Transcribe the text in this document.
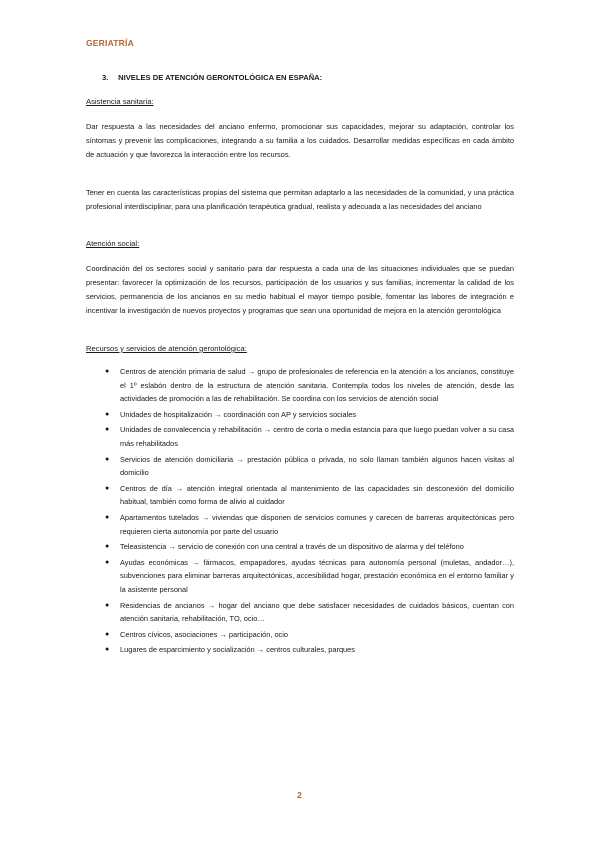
GERIATRÍA
3. NIVELES DE ATENCIÓN GERONTOLÓGICA EN ESPAÑA:
Asistencia sanitaria:
Dar respuesta a las necesidades del anciano enfermo, promocionar sus capacidades, mejorar su adaptación, controlar los síntomas y prevenir las complicaciones, integrando a su familia a los cuidados. Desarrollar medidas específicas en cada ámbito de actuación y que favorezca la interacción entre los recursos.
Tener en cuenta las características propias del sistema que permitan adaptarlo a las necesidades de la comunidad, y una práctica profesional interdisciplinar, para una planificación terapéutica gradual, realista y adecuada a las necesidades del anciano
Atención social:
Coordinación del os sectores social y sanitario para dar respuesta a cada una de las situaciones individuales que se puedan presentar: favorecer la optimización de los recursos, participación de los usuarios y sus familias, incrementar la calidad de los servicios, permanencia de los ancianos en su medio habitual el mayor tiempo posible, fomentar las labores de integración e incentivar la investigación de nuevos proyectos y programas que sean una oportunidad de mejora en la atención gerontológica
Recursos y servicios de atención gerontológica:
● Centros de atención primaria de salud → grupo de profesionales de referencia en la atención a los ancianos, constituye el 1º eslabón dentro de la estructura de atención sanitaria. Contempla todos los niveles de atención, desde las actividades de promoción a las de rehabilitación. Se coordina con los servicios de atención social
● Unidades de hospitalización → coordinación con AP y servicios sociales
● Unidades de convalecencia y rehabilitación → centro de corta o media estancia para que luego puedan volver a su casa más rehabilitados
● Servicios de atención domiciliaria → prestación pública o privada, no solo llaman también algunos hacen visitas al domicilio
● Centros de día → atención integral orientada al mantenimiento de las capacidades sin desconexión del domicilio habitual, también como forma de alivio al cuidador
● Apartamentos tutelados → viviendas que disponen de servicios comunes y carecen de barreras arquitectónicas pero requieren cierta autonomía por parte del usuario
● Teleasistencia → servicio de conexión con una central a través de un dispositivo de alarma y del teléfono
● Ayudas económicas → fármacos, empapadores, ayudas técnicas para autonomía personal (muletas, andador…), subvenciones para eliminar barreras arquitectónicas, accesibilidad hogar, prestación económica en el entorno familiar y la asistente personal
● Residencias de ancianos → hogar del anciano que debe satisfacer necesidades de cuidados básicos, cuentan con atención sanitaria, rehabilitación, TO, ocio…
● Centros cívicos, asociaciones → participación, ocio
● Lugares de esparcimiento y socialización → centros culturales, parques
2
